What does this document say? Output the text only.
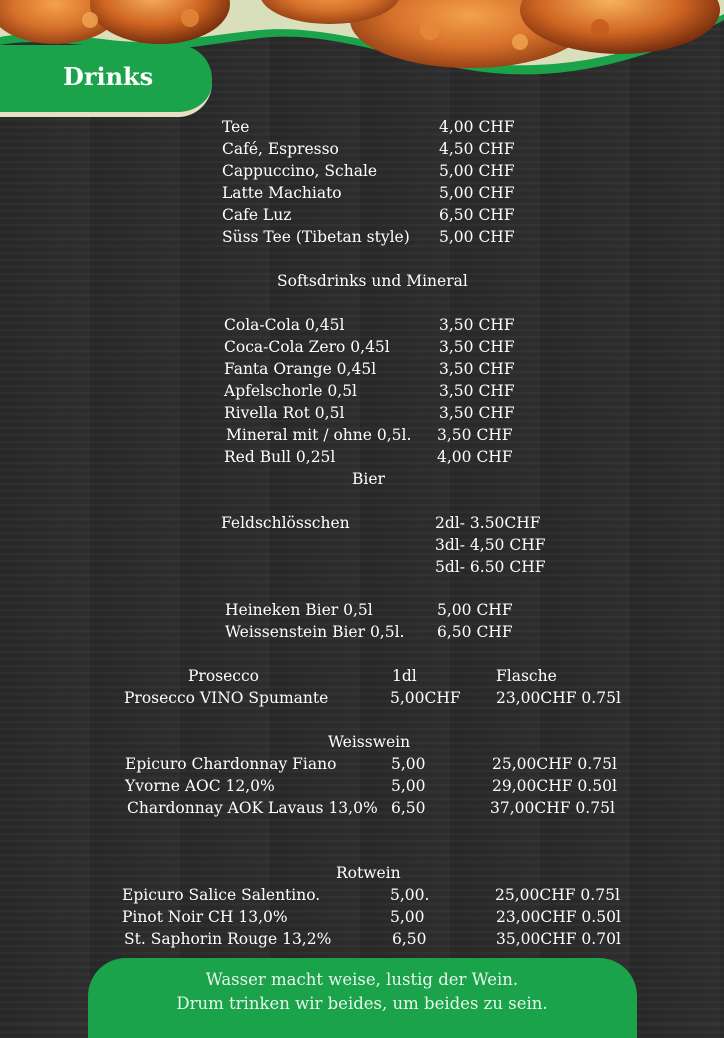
Drinks
Tee	4,00 CHF
Café, Espresso	4,50 CHF
Cappuccino, Schale	5,00 CHF
Latte Machiato	5,00 CHF
Cafe Luz	6,50 CHF
Süss Tee (Tibetan style) 5,00 CHF
Softsdrinks und Mineral
Cola-Cola 0,45l	3,50 CHF
Coca-Cola Zero 0,45l	3,50 CHF
Fanta Orange 0,45l	3,50 CHF
Apfelschorle 0,5l	3,50 CHF
Rivella Rot 0,5l	3,50 CHF
Mineral mit / ohne 0,5l. 3,50 CHF
Red Bull 0,25l	4,00 CHF
Bier
Feldschlösschen	2dl- 3.50CHF
3dl- 4,50 CHF
5dl- 6.50 CHF
Heineken Bier 0,5l	5,00 CHF
Weissenstein Bier 0,5l. 6,50 CHF
Prosecco	1dl	Flasche
Prosecco VINO Spumante	5,00CHF 23,00CHF 0.75l
Weisswein
Epicuro Chardonnay Fiano	5,00	25,00CHF 0.75l
Yvorne AOC 12,0%	5,00	29,00CHF 0.50l
Chardonnay AOK Lavaus 13,0% 6,50	37,00CHF 0.75l
Rotwein
Epicuro Salice Salentino.	5,00.	25,00CHF 0.75l
Pinot Noir CH 13,0%	5,00	23,00CHF 0.50l
St. Saphorin Rouge 13,2%	6,50	35,00CHF 0.70l
Wasser macht weise, lustig der Wein.
Drum trinken wir beides, um beides zu sein.
